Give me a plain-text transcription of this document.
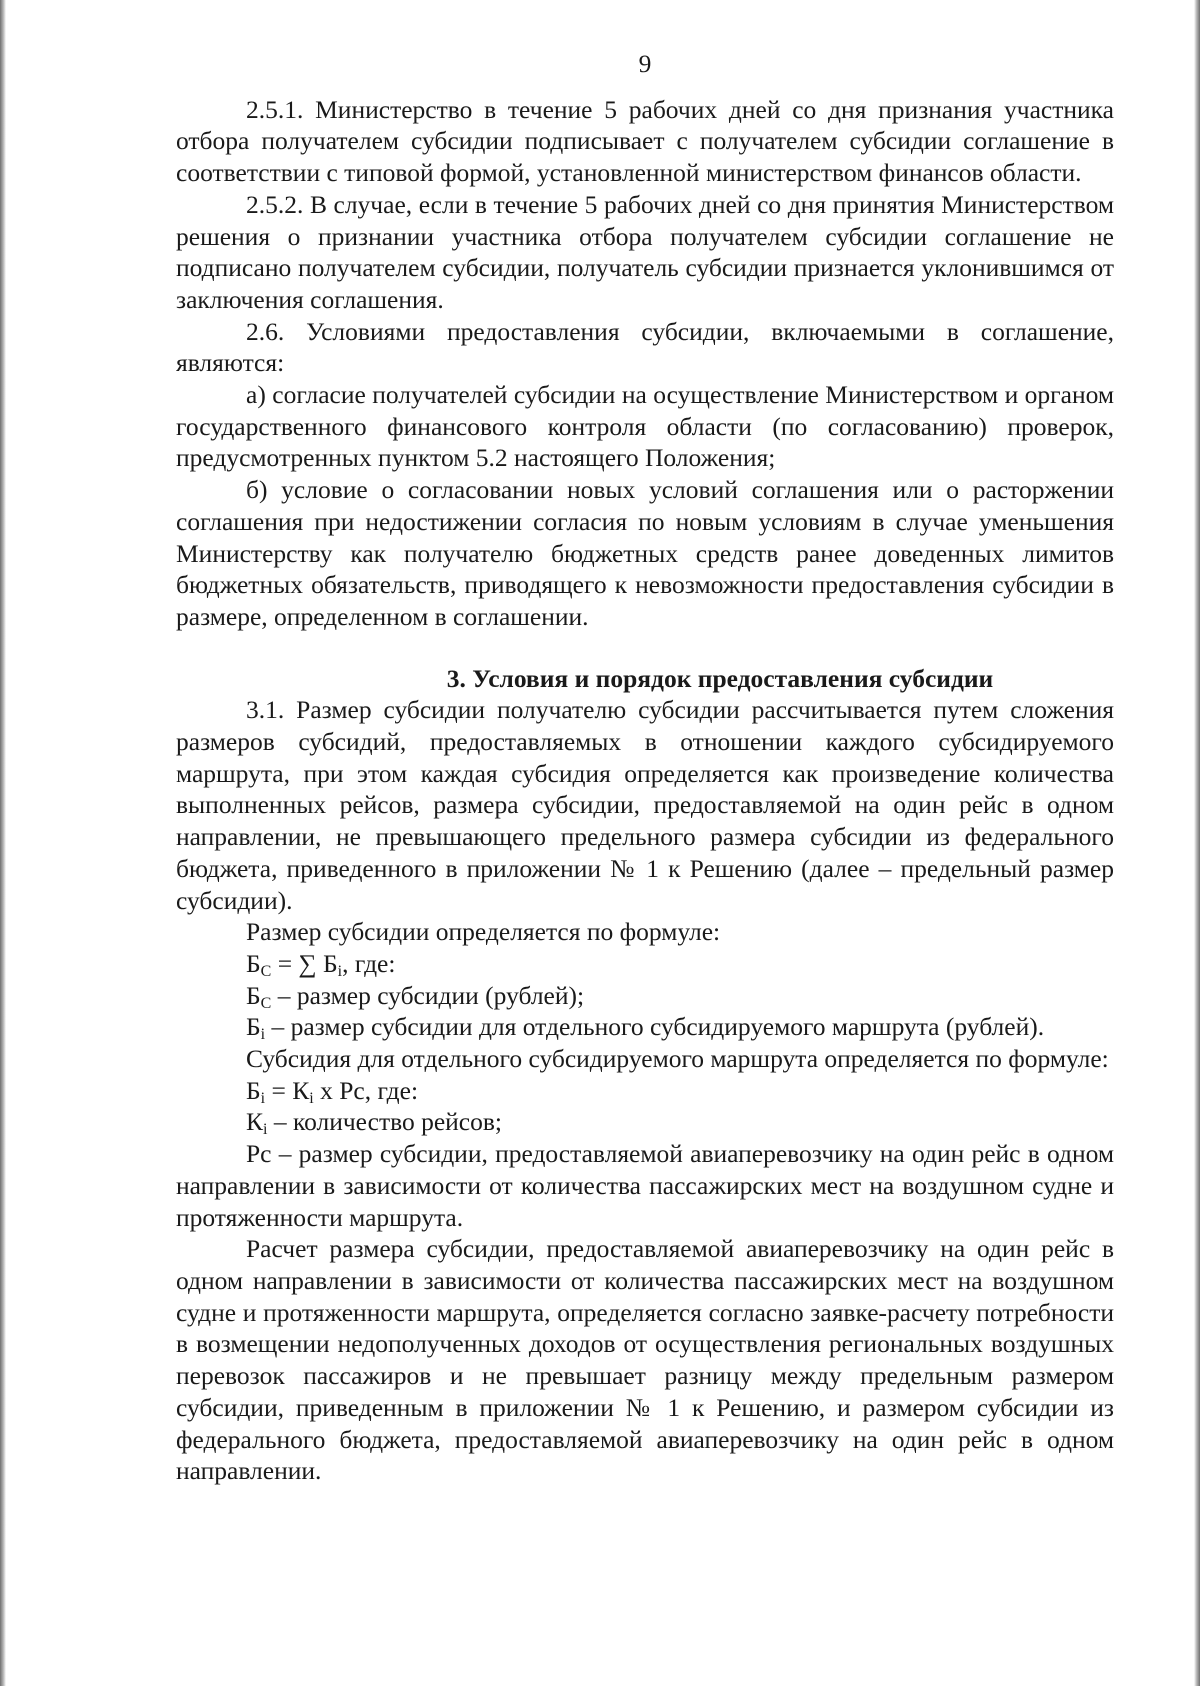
9

2.5.1. Министерство в течение 5 рабочих дней со дня признания участника отбора получателем субсидии подписывает с получателем субсидии соглашение в соответствии с типовой формой, установленной министерством финансов области.

2.5.2. В случае, если в течение 5 рабочих дней со дня принятия Министерством решения о признании участника отбора получателем субсидии соглашение не подписано получателем субсидии, получатель субсидии признается уклонившимся от заключения соглашения.

2.6. Условиями предоставления субсидии, включаемыми в соглашение, являются:

а) согласие получателей субсидии на осуществление Министерством и органом государственного финансового контроля области (по согласованию) проверок, предусмотренных пунктом 5.2 настоящего Положения;

б) условие о согласовании новых условий соглашения или о расторжении соглашения при недостижении согласия по новым условиям в случае уменьшения Министерству как получателю бюджетных средств ранее доведенных лимитов бюджетных обязательств, приводящего к невозможности предоставления субсидии в размере, определенном в соглашении.

3. Условия и порядок предоставления субсидии

3.1. Размер субсидии получателю субсидии рассчитывается путем сложения размеров субсидий, предоставляемых в отношении каждого субсидируемого маршрута, при этом каждая субсидия определяется как произведение количества выполненных рейсов, размера субсидии, предоставляемой на один рейс в одном направлении, не превышающего предельного размера субсидии из федерального бюджета, приведенного в приложении № 1 к Решению (далее – предельный размер субсидии).

Размер субсидии определяется по формуле:

$Б_С$ = ∑ $Б_i$, где:

$Б_С$ – размер субсидии (рублей);

$Б_i$ – размер субсидии для отдельного субсидируемого маршрута (рублей).

Субсидия для отдельного субсидируемого маршрута определяется по формуле:

$Б_i = К_i$ х Рс, где:

$К_i$ – количество рейсов;

Рс – размер субсидии, предоставляемой авиаперевозчику на один рейс в одном направлении в зависимости от количества пассажирских мест на воздушном судне и протяженности маршрута.

Расчет размера субсидии, предоставляемой авиаперевозчику на один рейс в одном направлении в зависимости от количества пассажирских мест на воздушном судне и протяженности маршрута, определяется согласно заявке-расчету потребности в возмещении недополученных доходов от осуществления региональных воздушных перевозок пассажиров и не превышает разницу между предельным размером субсидии, приведенным в приложении № 1 к Решению, и размером субсидии из федерального бюджета, предоставляемой авиаперевозчику на один рейс в одном направлении.
